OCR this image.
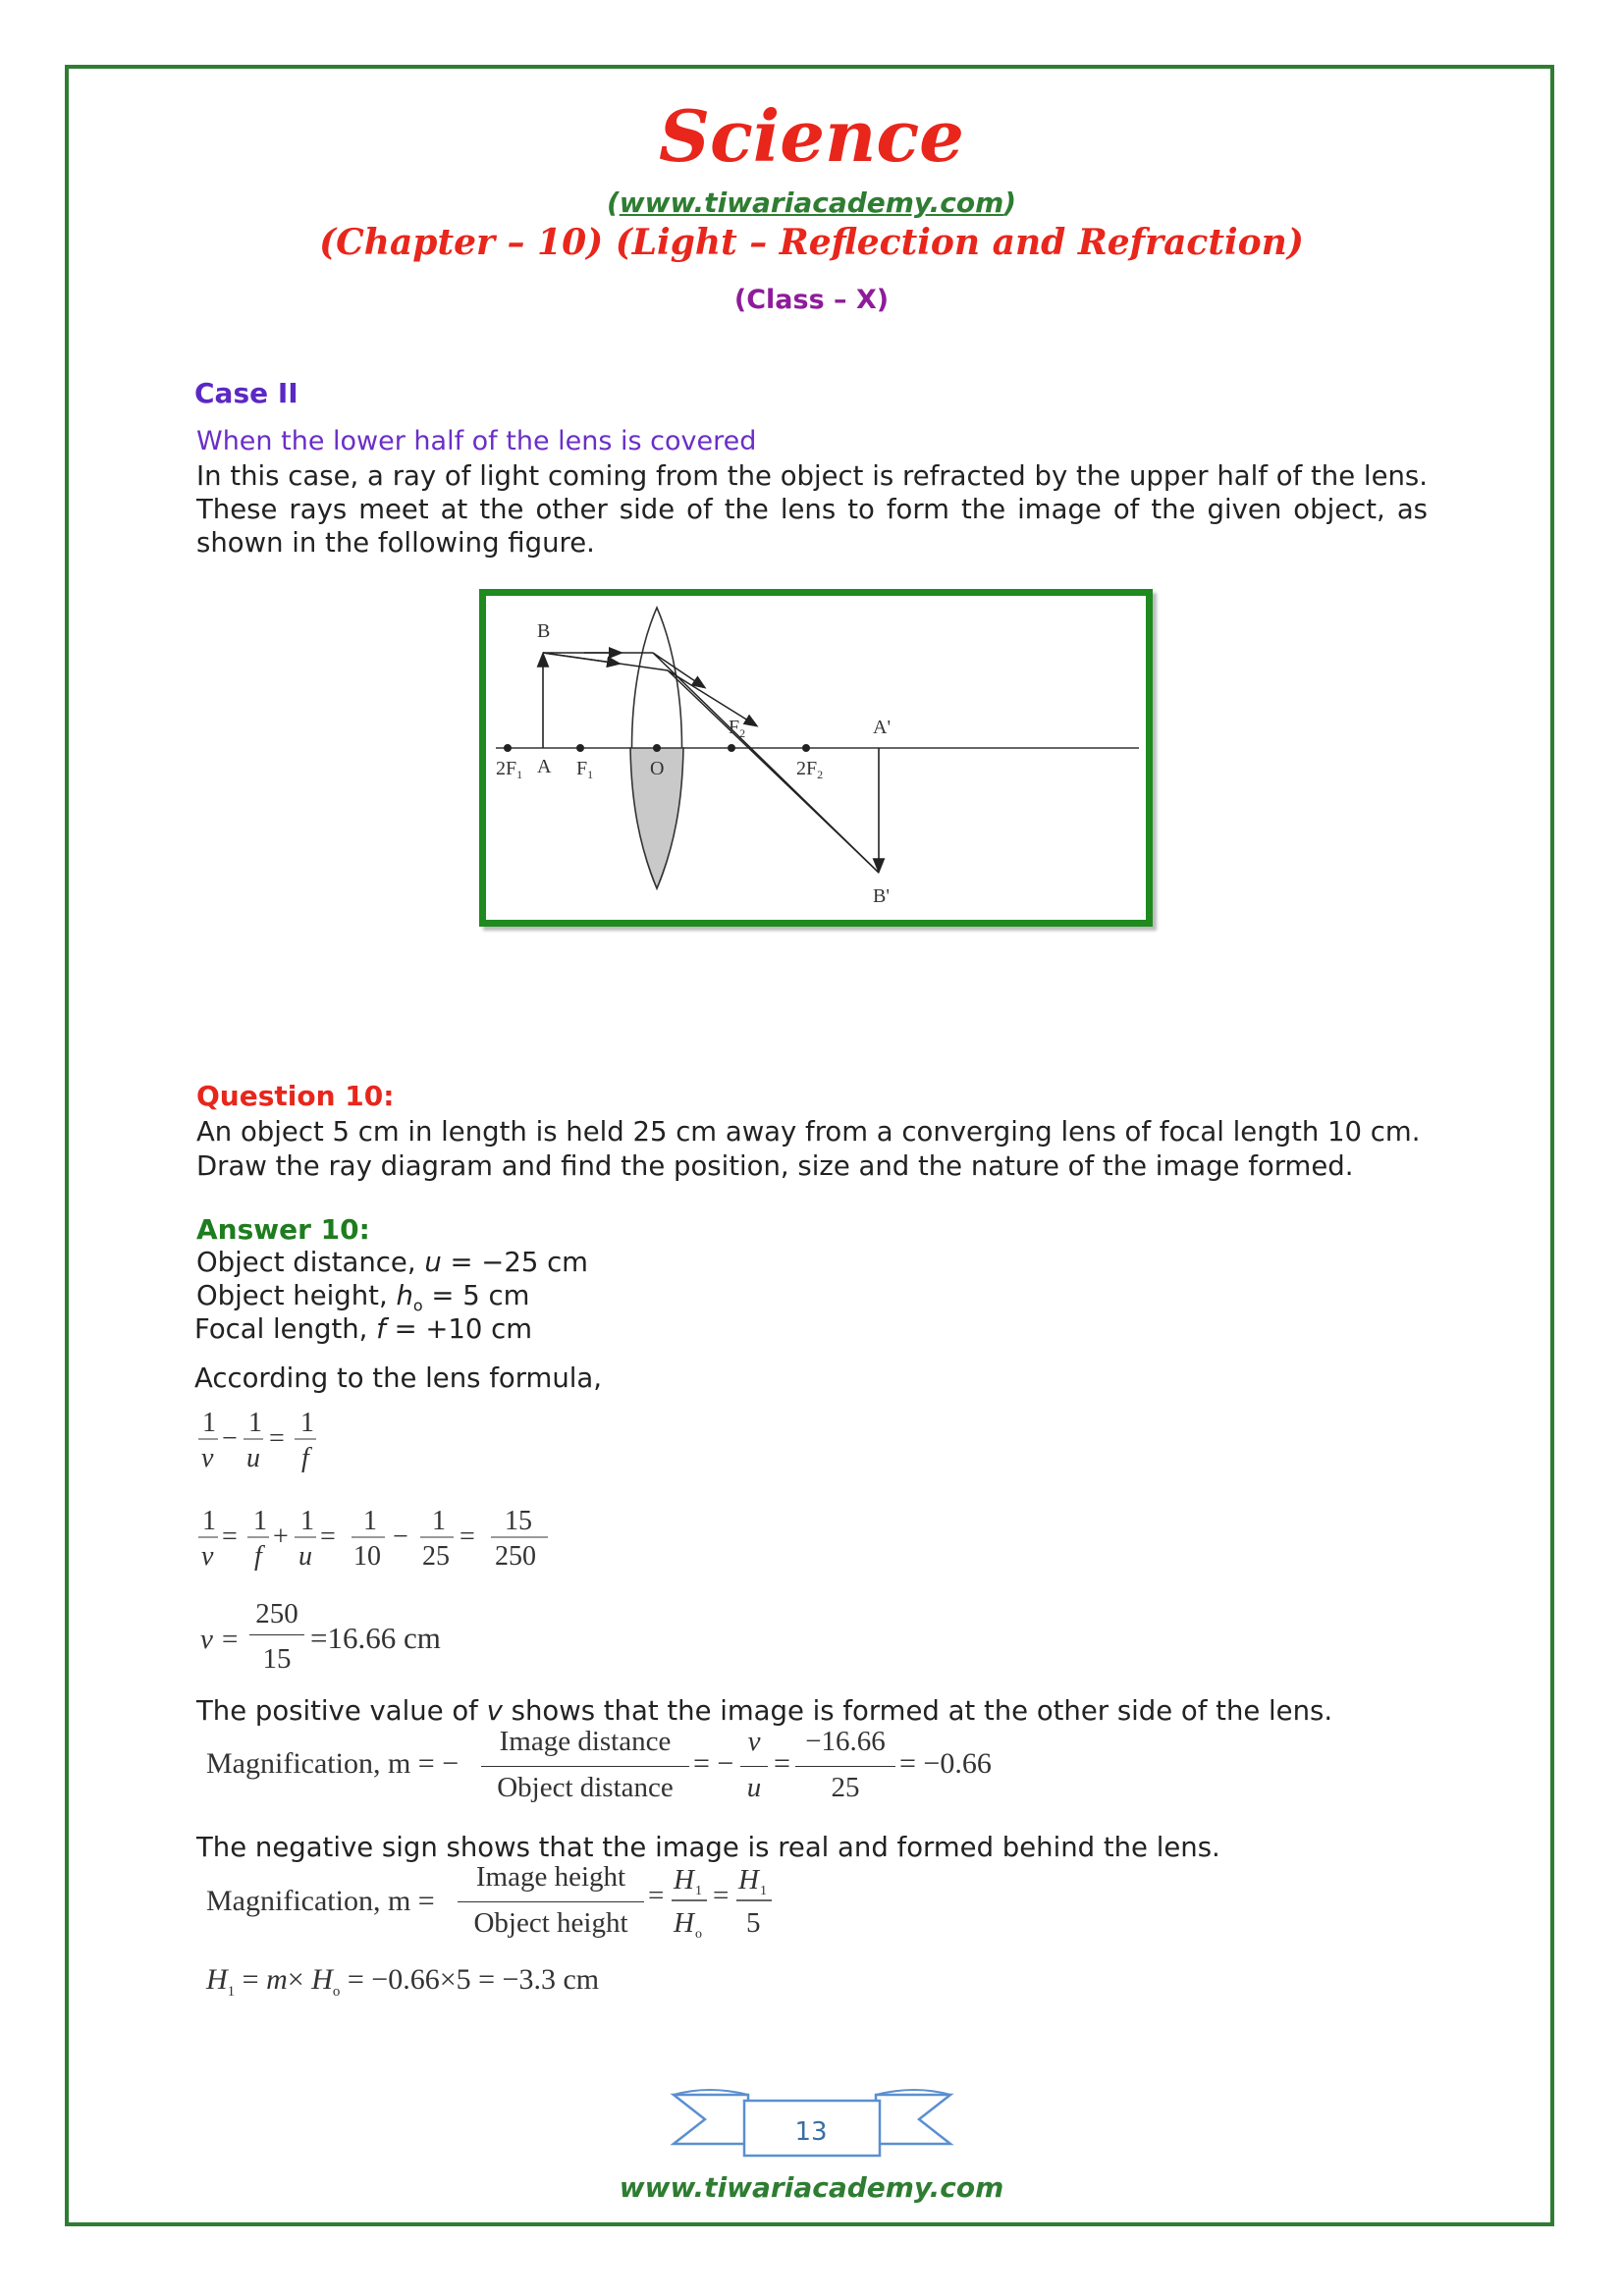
Science
(www.tiwariacademy.com)
(Chapter – 10) (Light – Reflection and Refraction)
(Class – X)
Case II
When the lower half of the lens is covered
In this case, a ray of light coming from the object is refracted by the upper half of the lens. These rays meet at the other side of the lens to form the image of the given object, as shown in the following figure.
B
A
$2F_1$	$F_1$	O
$F_2$
$2F_2$
A'
B'
Question 10:
An object 5 cm in length is held 25 cm away from a converging lens of focal length 10 cm.
Draw the ray diagram and find the position, size and the nature of the image formed.
Answer 10:
Object distance, u = −25 cm
Object height, $h_o = 5$ cm
Focal length, f = +10 cm
According to the lens formula,
1
v
−
1
u
=
1
f
1
v
=
1
f
+
1
u
=
1
10
−
1
25
=
15
250
v =
250
15
=16.66 cm
The positive value of v shows that the image is formed at the other side of the lens.
Magnification, m = −
Image distance
Object distance
= −
v
u
=
−16.66
25
= −0.66
The negative sign shows that the image is real and formed behind the lens.
Magnification, m =
Image height
Object height
= H 1
H o
= H 1
5
$H_1 = m\times H_o = -0.66\times 5 = -3.3$ cm
13
www.tiwariacademy.com
